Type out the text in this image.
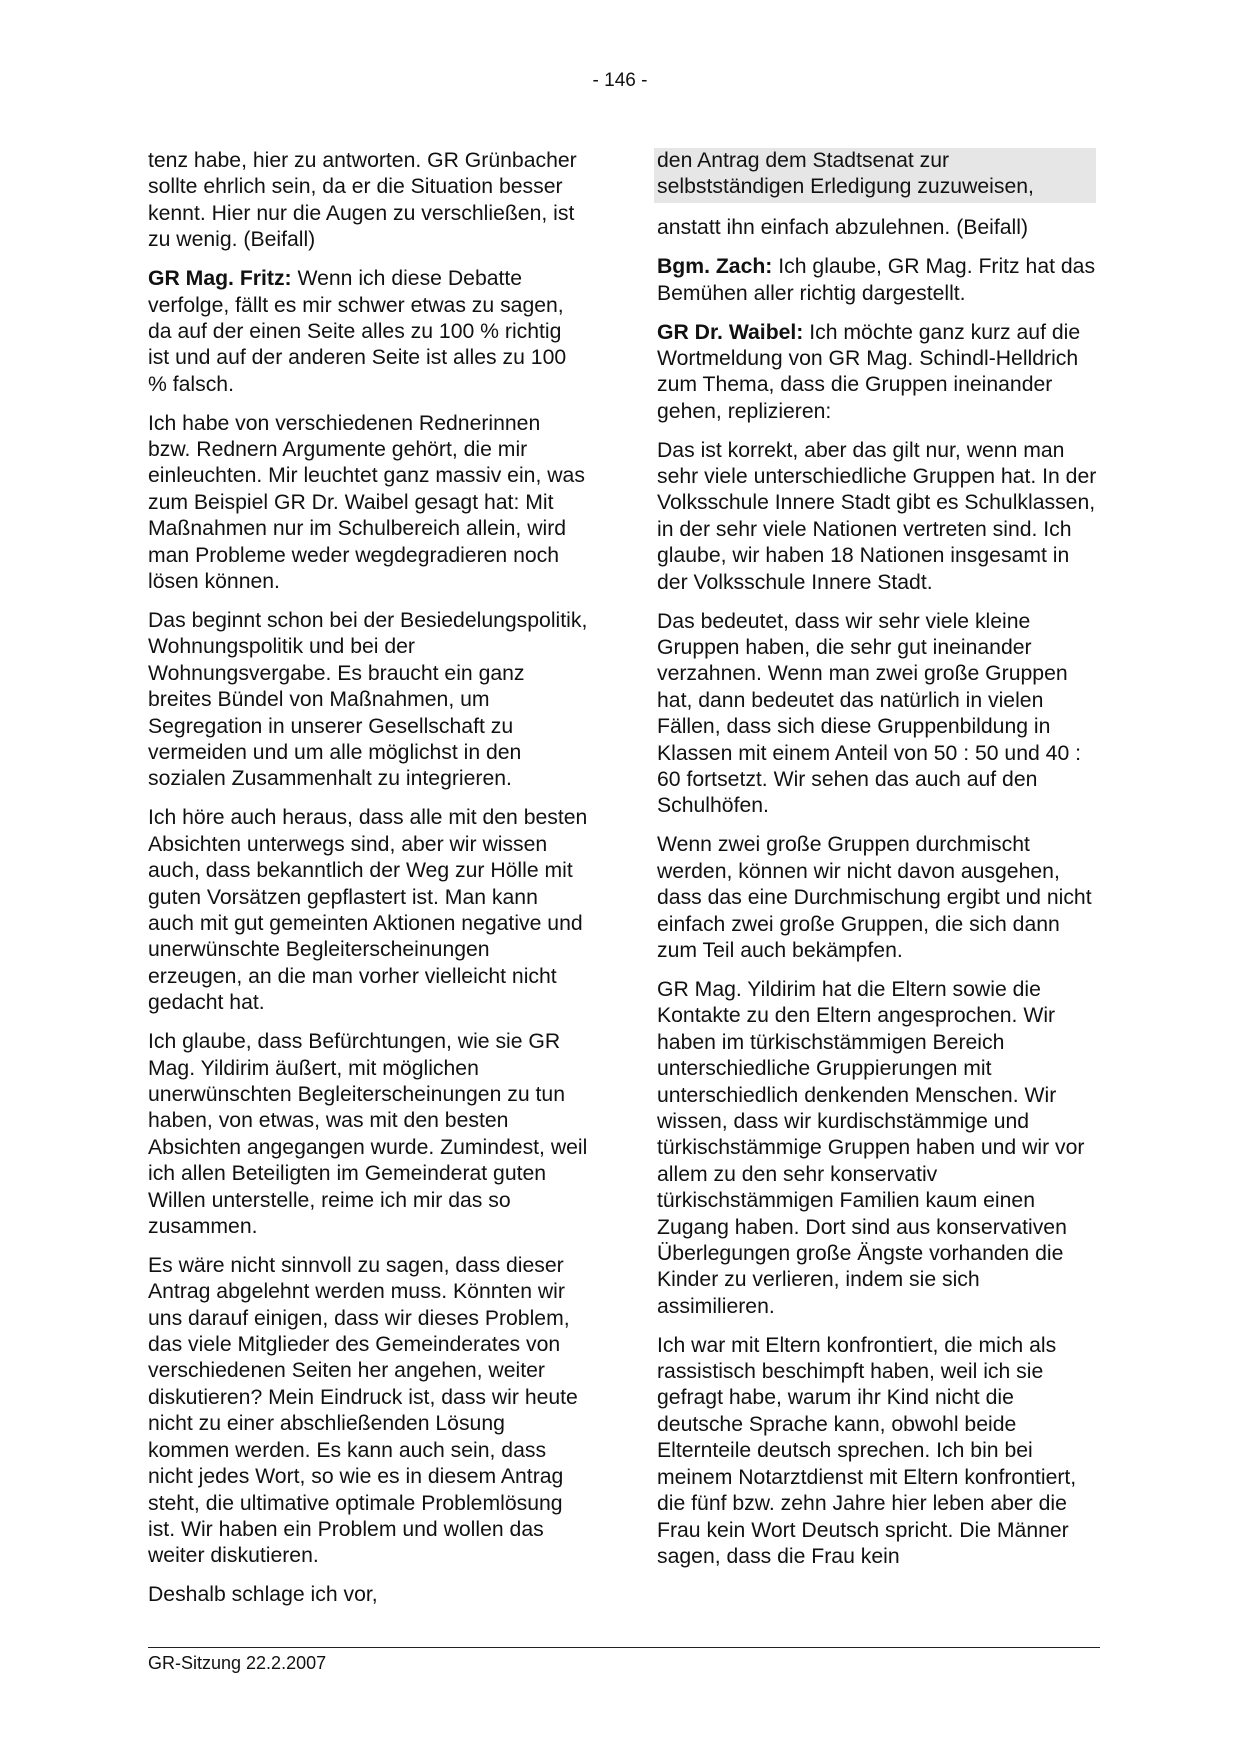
- 146 -

tenz habe, hier zu antworten. GR Grünbacher sollte ehrlich sein, da er die Situation besser kennt. Hier nur die Augen zu verschließen, ist zu wenig. (Beifall)

GR Mag. Fritz: Wenn ich diese Debatte verfolge, fällt es mir schwer etwas zu sagen, da auf der einen Seite alles zu 100 % richtig ist und auf der anderen Seite ist alles zu 100 % falsch.

Ich habe von verschiedenen Rednerinnen bzw. Rednern Argumente gehört, die mir einleuchten. Mir leuchtet ganz massiv ein, was zum Beispiel GR Dr. Waibel gesagt hat: Mit Maßnahmen nur im Schulbereich allein, wird man Probleme weder wegdegradieren noch lösen können.

Das beginnt schon bei der Besiedelungspolitik, Wohnungspolitik und bei der Wohnungsvergabe. Es braucht ein ganz breites Bündel von Maßnahmen, um Segregation in unserer Gesellschaft zu vermeiden und um alle möglichst in den sozialen Zusammenhalt zu integrieren.

Ich höre auch heraus, dass alle mit den besten Absichten unterwegs sind, aber wir wissen auch, dass bekanntlich der Weg zur Hölle mit guten Vorsätzen gepflastert ist. Man kann auch mit gut gemeinten Aktionen negative und unerwünschte Begleiterscheinungen erzeugen, an die man vorher vielleicht nicht gedacht hat.

Ich glaube, dass Befürchtungen, wie sie GR Mag. Yildirim äußert, mit möglichen unerwünschten Begleiterscheinungen zu tun haben, von etwas, was mit den besten Absichten angegangen wurde. Zumindest, weil ich allen Beteiligten im Gemeinderat guten Willen unterstelle, reime ich mir das so zusammen.

Es wäre nicht sinnvoll zu sagen, dass dieser Antrag abgelehnt werden muss. Könnten wir uns darauf einigen, dass wir dieses Problem, das viele Mitglieder des Gemeinderates von verschiedenen Seiten her angehen, weiter diskutieren? Mein Eindruck ist, dass wir heute nicht zu einer abschließenden Lösung kommen werden. Es kann auch sein, dass nicht jedes Wort, so wie es in diesem Antrag steht, die ultimative optimale Problemlösung ist. Wir haben ein Problem und wollen das weiter diskutieren.

Deshalb schlage ich vor,

den Antrag dem Stadtsenat zur selbstständigen Erledigung zuzuweisen,

anstatt ihn einfach abzulehnen. (Beifall)

Bgm. Zach: Ich glaube, GR Mag. Fritz hat das Bemühen aller richtig dargestellt.

GR Dr. Waibel: Ich möchte ganz kurz auf die Wortmeldung von GR Mag. Schindl-Helldrich zum Thema, dass die Gruppen ineinander gehen, replizieren:

Das ist korrekt, aber das gilt nur, wenn man sehr viele unterschiedliche Gruppen hat. In der Volksschule Innere Stadt gibt es Schulklassen, in der sehr viele Nationen vertreten sind. Ich glaube, wir haben 18 Nationen insgesamt in der Volksschule Innere Stadt.

Das bedeutet, dass wir sehr viele kleine Gruppen haben, die sehr gut ineinander verzahnen. Wenn man zwei große Gruppen hat, dann bedeutet das natürlich in vielen Fällen, dass sich diese Gruppenbildung in Klassen mit einem Anteil von 50 : 50 und 40 : 60 fortsetzt. Wir sehen das auch auf den Schulhöfen.

Wenn zwei große Gruppen durchmischt werden, können wir nicht davon ausgehen, dass das eine Durchmischung ergibt und nicht einfach zwei große Gruppen, die sich dann zum Teil auch bekämpfen.

GR Mag. Yildirim hat die Eltern sowie die Kontakte zu den Eltern angesprochen. Wir haben im türkischstämmigen Bereich unterschiedliche Gruppierungen mit unterschiedlich denkenden Menschen. Wir wissen, dass wir kurdischstämmige und türkischstämmige Gruppen haben und wir vor allem zu den sehr konservativ türkischstämmigen Familien kaum einen Zugang haben. Dort sind aus konservativen Überlegungen große Ängste vorhanden die Kinder zu verlieren, indem sie sich assimilieren.

Ich war mit Eltern konfrontiert, die mich als rassistisch beschimpft haben, weil ich sie gefragt habe, warum ihr Kind nicht die deutsche Sprache kann, obwohl beide Elternteile deutsch sprechen. Ich bin bei meinem Notarztdienst mit Eltern konfrontiert, die fünf bzw. zehn Jahre hier leben aber die Frau kein Wort Deutsch spricht. Die Männer sagen, dass die Frau kein

GR-Sitzung 22.2.2007
